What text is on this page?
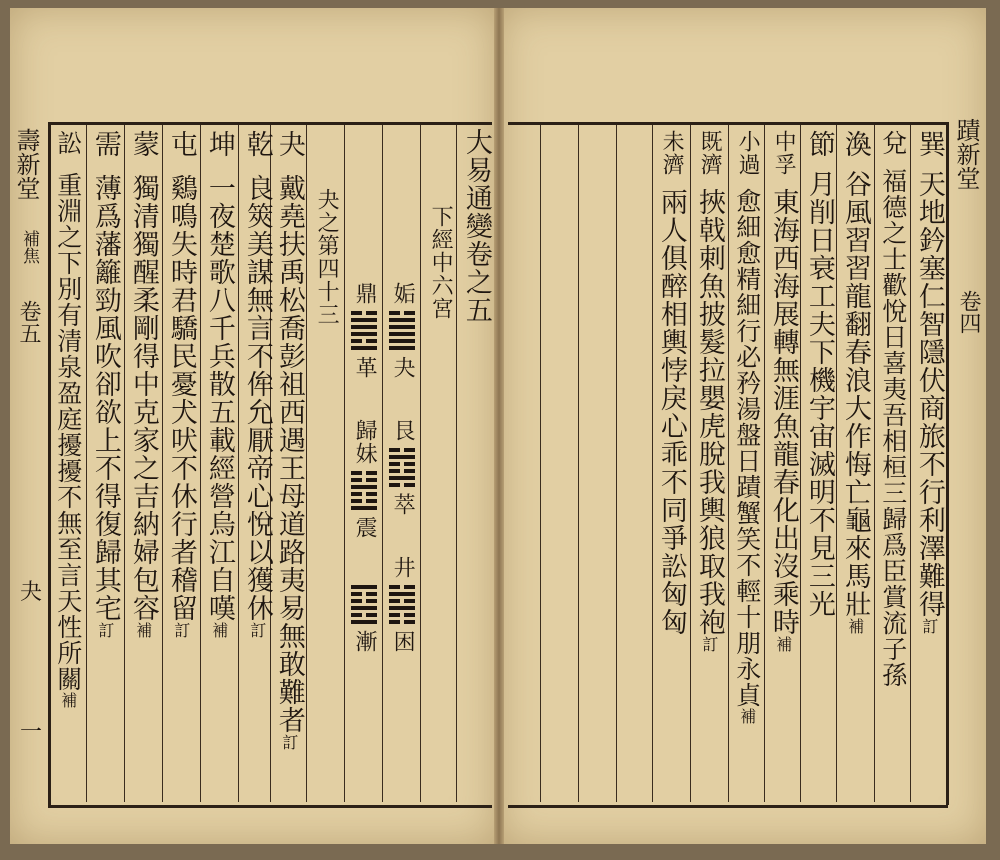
壽新堂
補焦
卷五
夬
一
大易通變卷之五
下經中六宮
姤
夬
艮
萃
井
困
鼎
革
歸妹
震
漸
夬之第四十三
夬
戴堯扶禹松喬彭祖西遇王母道路夷易無敢難者
訂
乾
良筴美謀無言不侔允厭帝心悅以獲休
訂
坤
一夜楚歌八千兵散五載經營烏江自嘆
補
屯
鷄鳴失時君驕民憂犬吠不休行者稽留
訂
蒙
獨清獨醒柔剛得中克家之吉納婦包容
補
需
薄爲藩籬勁風吹卻欲上不得復歸其宅
訂
訟
重淵之下別有清泉盈庭擾擾不無至言天性所關
補
蹟新堂
卷四
巽
天地鈐塞仁智隱伏商旅不行利澤難得
訂
兌
福德之士歡悅日喜夷吾相桓三歸爲臣賞流子孫
渙
谷風習習龍翻春浪大作悔亡龜來馬壯
補
節
月削日衰工夫下機宇宙滅明不見三光
中孚
東海西海展轉無涯魚龍春化出沒乘時
補
小過
愈細愈精細行必矜湯盤日蹟蟹笑不輕十朋永貞
補
既濟
挾戟刺魚披髮拉嬰虎脫我輿狼取我袍
訂
未濟
兩人俱醉相輿悖戾心乖不同爭訟匈匈
